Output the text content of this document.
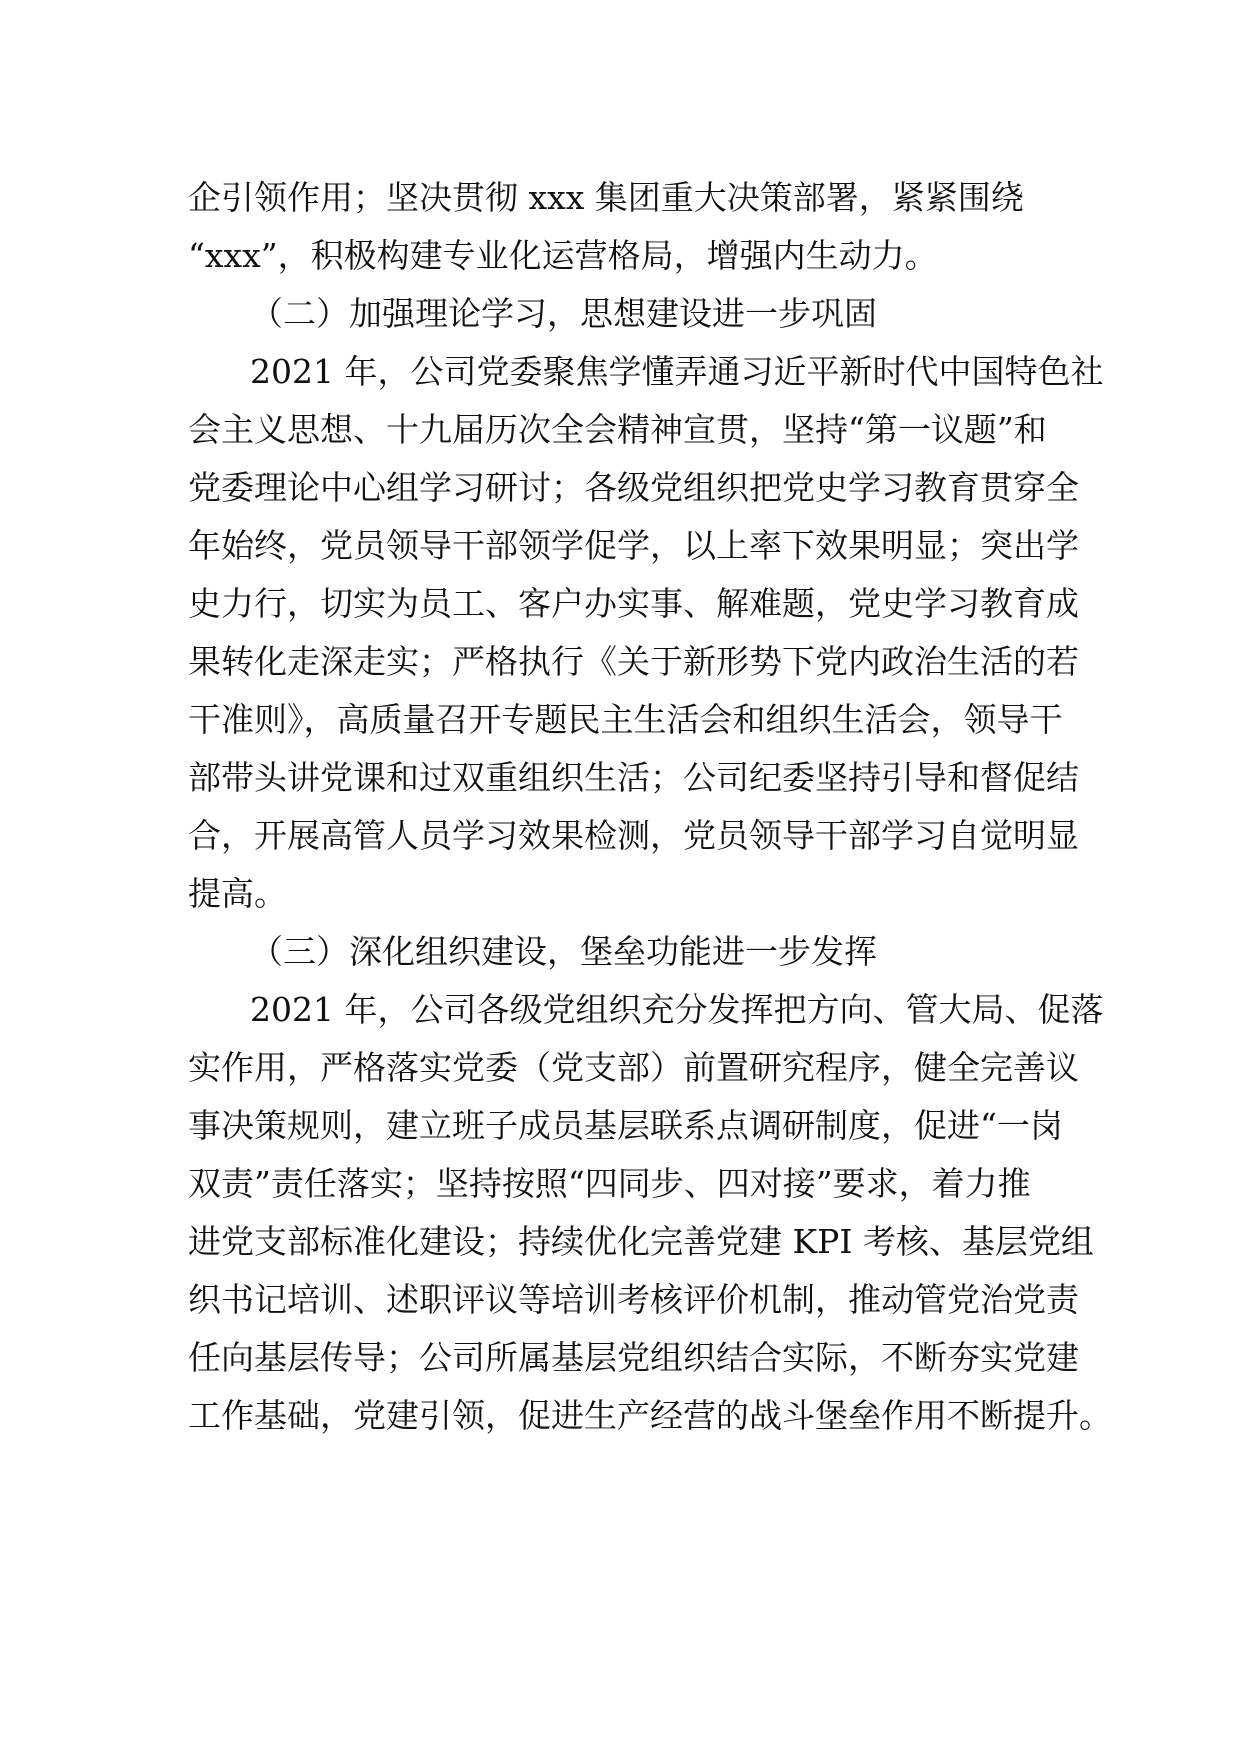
企引领作用；坚决贯彻 xxx 集团重大决策部署，紧紧围绕
“xxx”，积极构建专业化运营格局，增强内生动力。
（二）加强理论学习，思想建设进一步巩固
2021 年，公司党委聚焦学懂弄通习近平新时代中国特色社
会主义思想、十九届历次全会精神宣贯，坚持“第一议题”和
党委理论中心组学习研讨；各级党组织把党史学习教育贯穿全
年始终，党员领导干部领学促学，以上率下效果明显；突出学
史力行，切实为员工、客户办实事、解难题，党史学习教育成
果转化走深走实；严格执行《关于新形势下党内政治生活的若
干准则》，高质量召开专题民主生活会和组织生活会，领导干
部带头讲党课和过双重组织生活；公司纪委坚持引导和督促结
合，开展高管人员学习效果检测，党员领导干部学习自觉明显
提高。
（三）深化组织建设，堡垒功能进一步发挥
2021 年，公司各级党组织充分发挥把方向、管大局、促落
实作用，严格落实党委（党支部）前置研究程序，健全完善议
事决策规则，建立班子成员基层联系点调研制度，促进“一岗
双责”责任落实；坚持按照“四同步、四对接”要求，着力推
进党支部标准化建设；持续优化完善党建 KPI 考核、基层党组
织书记培训、述职评议等培训考核评价机制，推动管党治党责
任向基层传导；公司所属基层党组织结合实际，不断夯实党建
工作基础，党建引领，促进生产经营的战斗堡垒作用不断提升。
